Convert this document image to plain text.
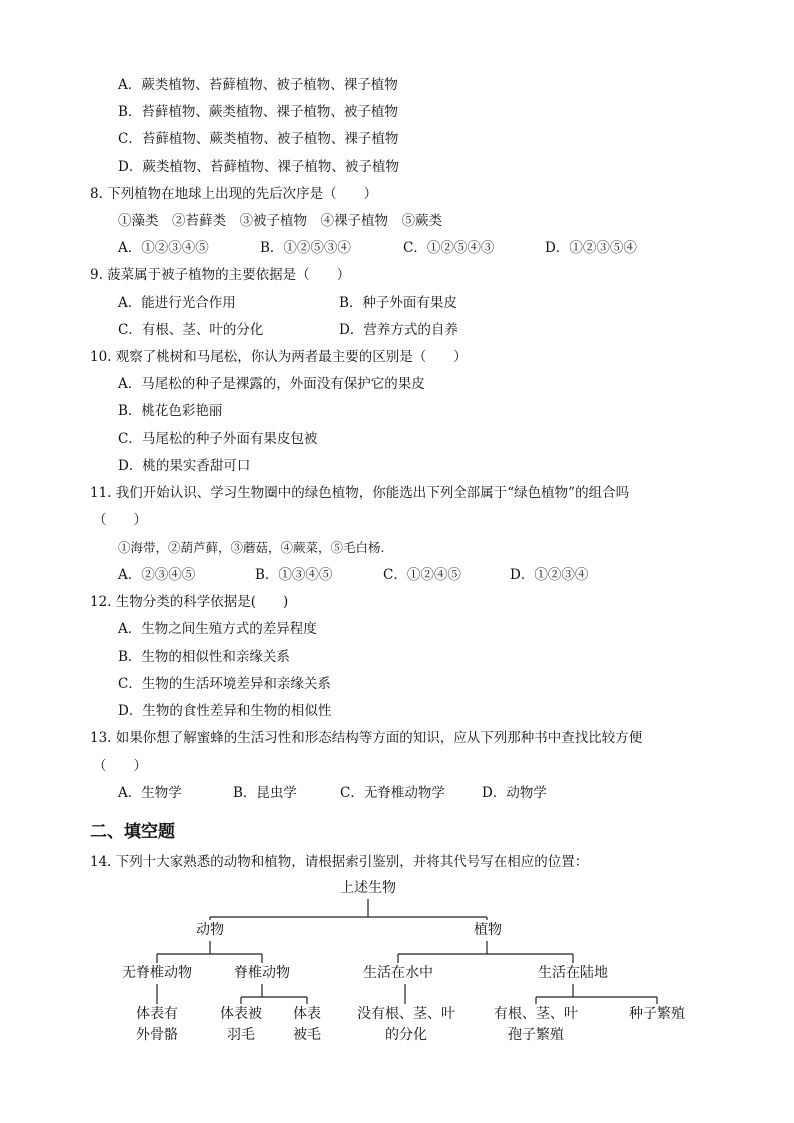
A．蕨类植物、苔藓植物、被子植物、裸子植物
B．苔藓植物、蕨类植物、裸子植物、被子植物
C．苔藓植物、蕨类植物、被子植物、裸子植物
D．蕨类植物、苔藓植物、裸子植物、被子植物
8. 下列植物在地球上出现的先后次序是（　　）
①藻类　②苔藓类　③被子植物　④裸子植物　⑤蕨类
A．①②③④⑤	B．①②⑤③④	C．①②⑤④③	D．①②③⑤④
9. 菠菜属于被子植物的主要依据是（　　）
A．能进行光合作用	B．种子外面有果皮
C．有根、茎、叶的分化	D．营养方式的自养
10. 观察了桃树和马尾松，你认为两者最主要的区别是（　　）
A．马尾松的种子是裸露的，外面没有保护它的果皮
B．桃花色彩艳丽
C．马尾松的种子外面有果皮包被
D．桃的果实香甜可口
11. 我们开始认识、学习生物圈中的绿色植物，你能选出下列全部属于“绿色植物”的组合吗
（　　）
①海带，②葫芦藓，③蘑菇，④蕨菜，⑤毛白杨.
A．②③④⑤	B．①③④⑤	C．①②④⑤	D．①②③④
12. 生物分类的科学依据是(　　)
A．生物之间生殖方式的差异程度
B．生物的相似性和亲缘关系
C．生物的生活环境差异和亲缘关系
D．生物的食性差异和生物的相似性
13. 如果你想了解蜜蜂的生活习性和形态结构等方面的知识，应从下列那种书中查找比较方便
（　　）
A．生物学	B．昆虫学	C．无脊椎动物学	D．动物学
二、填空题
14. 下列十大家熟悉的动物和植物，请根据索引鉴别，并将其代号写在相应的位置：
上述生物
动物	植物
无脊椎动物	脊椎动物	生活在水中	生活在陆地
体表有
外骨骼
体表被
羽毛
体表
被毛
没有根、茎、叶
的分化
有根、茎、叶
孢子繁殖
种子繁殖
